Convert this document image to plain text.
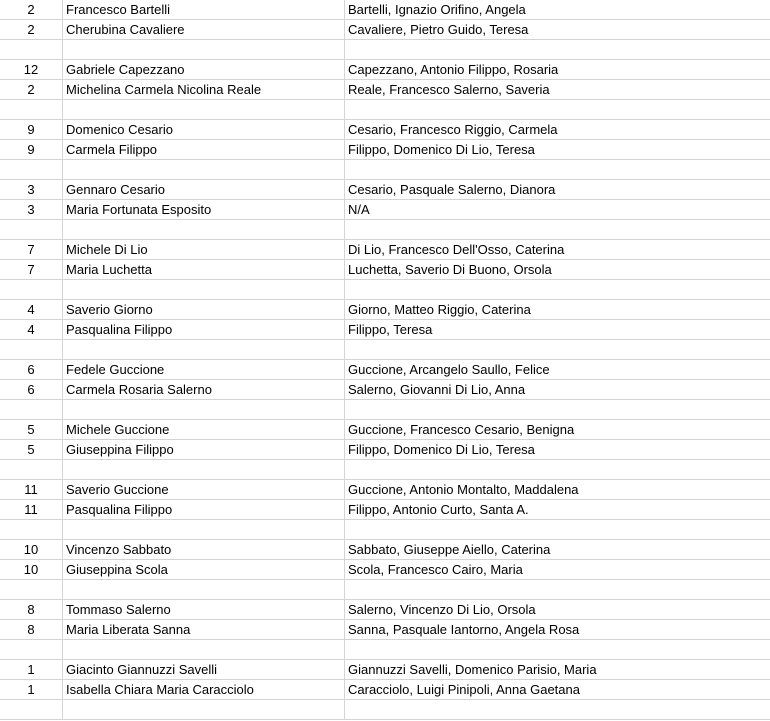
2	Francesco Bartelli	Bartelli, Ignazio Orifino, Angela
2	Cherubina Cavaliere	Cavaliere, Pietro Guido, Teresa

12	Gabriele Capezzano	Capezzano, Antonio Filippo, Rosaria
2	Michelina Carmela Nicolina Reale	Reale, Francesco Salerno, Saveria

9	Domenico Cesario	Cesario, Francesco Riggio, Carmela
9	Carmela Filippo	Filippo, Domenico Di Lio, Teresa

3	Gennaro Cesario	Cesario, Pasquale Salerno, Dianora
3	Maria Fortunata Esposito	N/A

7	Michele Di Lio	Di Lio, Francesco Dell'Osso, Caterina
7	Maria Luchetta	Luchetta, Saverio Di Buono, Orsola

4	Saverio Giorno	Giorno, Matteo Riggio, Caterina
4	Pasqualina Filippo	Filippo, Teresa

6	Fedele Guccione	Guccione, Arcangelo Saullo, Felice
6	Carmela Rosaria Salerno	Salerno, Giovanni Di Lio, Anna

5	Michele Guccione	Guccione, Francesco Cesario, Benigna
5	Giuseppina Filippo	Filippo, Domenico Di Lio, Teresa

11	Saverio Guccione	Guccione, Antonio Montalto, Maddalena
11	Pasqualina Filippo	Filippo, Antonio Curto, Santa A.

10	Vincenzo Sabbato	Sabbato, Giuseppe Aiello, Caterina
10	Giuseppina Scola	Scola, Francesco Cairo, Maria

8	Tommaso Salerno	Salerno, Vincenzo Di Lio, Orsola
8	Maria Liberata Sanna	Sanna, Pasquale Iantorno, Angela Rosa

1	Giacinto Giannuzzi Savelli	Giannuzzi Savelli, Domenico Parisio, Maria
1	Isabella Chiara Maria Caracciolo	Caracciolo, Luigi Pinipoli, Anna Gaetana
